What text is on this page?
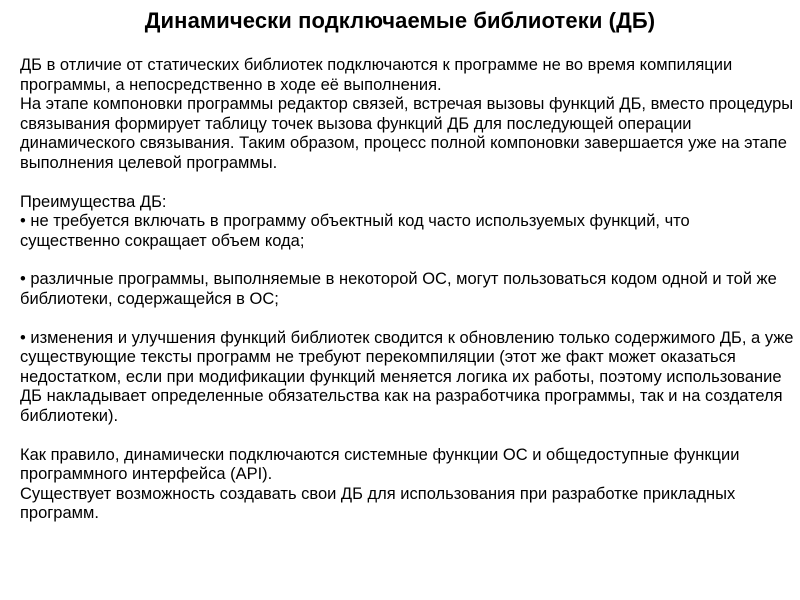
Динамически подключаемые библиотеки (ДБ)

ДБ в отличие от статических библиотек подключаются к программе не во время компиляции программы, а непосредственно в ходе её выполнения.

На этапе компоновки программы редактор связей, встречая вызовы функций ДБ, вместо процедуры связывания формирует таблицу точек вызова функций ДБ для последующей операции динамического связывания. Таким образом, процесс полной компоновки завершается уже на этапе выполнения целевой программы.

Преимущества ДБ:

• не требуется включать в программу объектный код часто используемых функций, что существенно сокращает объем кода;

• различные программы, выполняемые в некоторой ОС, могут пользоваться кодом одной и той же библиотеки, содержащейся в ОС;

• изменения и улучшения функций библиотек сводится к обновлению только содержимого ДБ, а уже существующие тексты программ не требуют перекомпиляции (этот же факт может оказаться недостатком, если при модификации функций меняется логика их работы, поэтому использование ДБ накладывает определенные обязательства как на разработчика программы, так и на создателя библиотеки).

Как правило, динамически подключаются системные функции ОС и общедоступные функции программного интерфейса (API).

Существует возможность создавать свои ДБ для использования при разработке прикладных программ.
